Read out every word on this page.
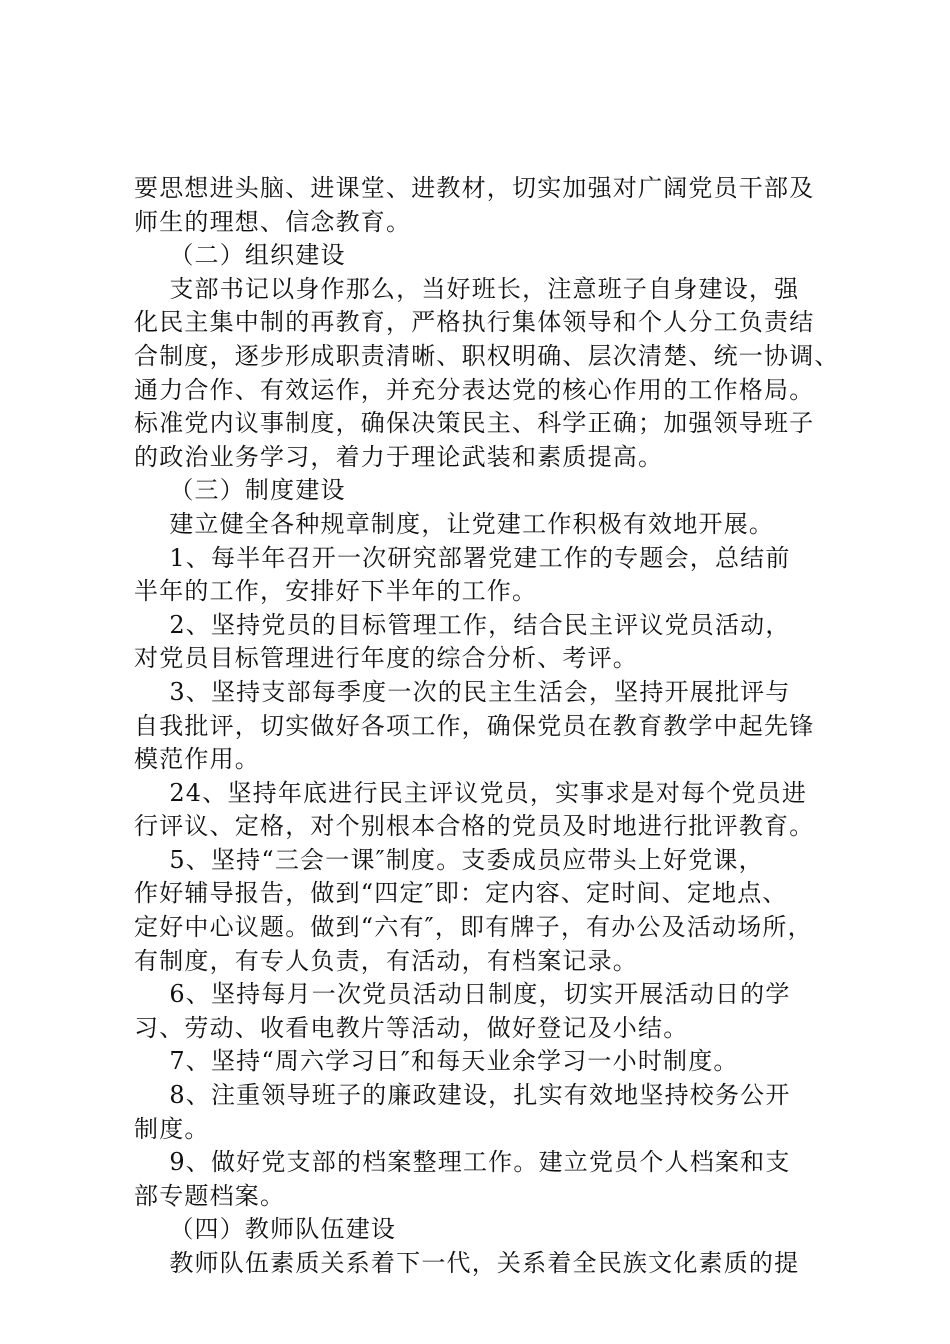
要思想进头脑、进课堂、进教材，切实加强对广阔党员干部及
师生的理想、信念教育。
（二）组织建设
支部书记以身作那么，当好班长，注意班子自身建设，强
化民主集中制的再教育，严格执行集体领导和个人分工负责结
合制度，逐步形成职责清晰、职权明确、层次清楚、统一协调、
通力合作、有效运作，并充分表达党的核心作用的工作格局。
标准党内议事制度，确保决策民主、科学正确；加强领导班子
的政治业务学习，着力于理论武装和素质提高。
（三）制度建设
建立健全各种规章制度，让党建工作积极有效地开展。
1、每半年召开一次研究部署党建工作的专题会，总结前
半年的工作，安排好下半年的工作。
2、坚持党员的目标管理工作，结合民主评议党员活动，
对党员目标管理进行年度的综合分析、考评。
3、坚持支部每季度一次的民主生活会，坚持开展批评与
自我批评，切实做好各项工作，确保党员在教育教学中起先锋
模范作用。
24、坚持年底进行民主评议党员，实事求是对每个党员进
行评议、定格，对个别根本合格的党员及时地进行批评教育。
5、坚持“三会一课″制度。支委成员应带头上好党课，
作好辅导报告，做到“四定″即：定内容、定时间、定地点、
定好中心议题。做到“六有″，即有牌子，有办公及活动场所，
有制度，有专人负责，有活动，有档案记录。
6、坚持每月一次党员活动日制度，切实开展活动日的学
习、劳动、收看电教片等活动，做好登记及小结。
7、坚持“周六学习日″和每天业余学习一小时制度。
8、注重领导班子的廉政建设，扎实有效地坚持校务公开
制度。
9、做好党支部的档案整理工作。建立党员个人档案和支
部专题档案。
（四）教师队伍建设
教师队伍素质关系着下一代，关系着全民族文化素质的提
